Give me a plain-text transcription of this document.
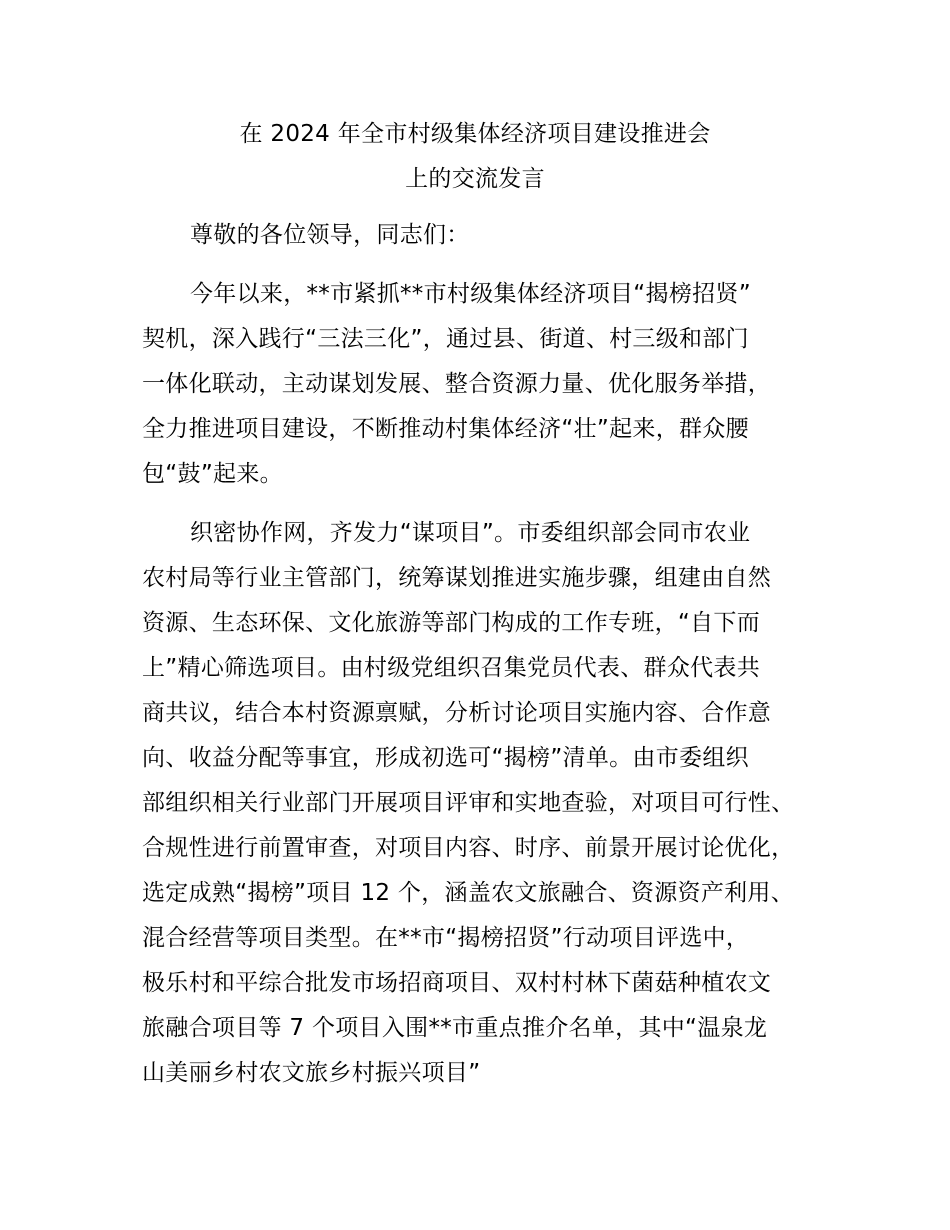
在 2024 年全市村级集体经济项目建设推进会
上的交流发言
尊敬的各位领导，同志们：
今年以来，**市紧抓**市村级集体经济项目“揭榜招贤”
契机，深入践行“三法三化”，通过县、街道、村三级和部门
一体化联动，主动谋划发展、整合资源力量、优化服务举措，
全力推进项目建设，不断推动村集体经济“壮”起来，群众腰
包“鼓”起来。
织密协作网，齐发力“谋项目”。市委组织部会同市农业
农村局等行业主管部门，统筹谋划推进实施步骤，组建由自然
资源、生态环保、文化旅游等部门构成的工作专班，“自下而
上”精心筛选项目。由村级党组织召集党员代表、群众代表共
商共议，结合本村资源禀赋，分析讨论项目实施内容、合作意
向、收益分配等事宜，形成初选可“揭榜”清单。由市委组织
部组织相关行业部门开展项目评审和实地查验，对项目可行性、
合规性进行前置审查，对项目内容、时序、前景开展讨论优化，
选定成熟“揭榜”项目 12 个，涵盖农文旅融合、资源资产利用、
混合经营等项目类型。在**市“揭榜招贤”行动项目评选中，
极乐村和平综合批发市场招商项目、双村村林下菌菇种植农文
旅融合项目等 7 个项目入围**市重点推介名单，其中“温泉龙
山美丽乡村农文旅乡村振兴项目”
